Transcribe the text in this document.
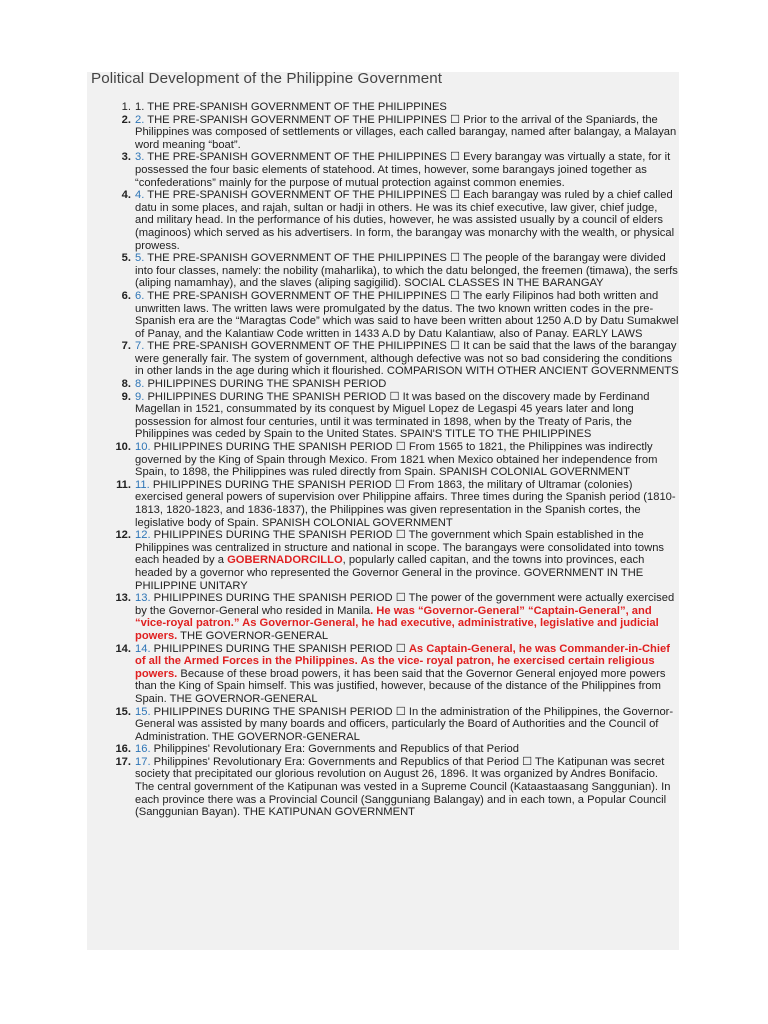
Political Development of the Philippine Government
1. 1. THE PRE-SPANISH GOVERNMENT OF THE PHILIPPINES
2. 2. THE PRE-SPANISH GOVERNMENT OF THE PHILIPPINES ☐ Prior to the arrival of the Spaniards, the Philippines was composed of settlements or villages, each called barangay, named after balangay, a Malayan word meaning “boat”.
3. 3. THE PRE-SPANISH GOVERNMENT OF THE PHILIPPINES ☐ Every barangay was virtually a state, for it possessed the four basic elements of statehood. At times, however, some barangays joined together as “confederations” mainly for the purpose of mutual protection against common enemies.
4. 4. THE PRE-SPANISH GOVERNMENT OF THE PHILIPPINES ☐ Each barangay was ruled by a chief called datu in some places, and rajah, sultan or hadji in others. He was its chief executive, law giver, chief judge, and military head. In the performance of his duties, however, he was assisted usually by a council of elders (maginoos) which served as his advertisers. In form, the barangay was monarchy with the wealth, or physical prowess.
5. 5. THE PRE-SPANISH GOVERNMENT OF THE PHILIPPINES ☐ The people of the barangay were divided into four classes, namely: the nobility (maharlika), to which the datu belonged, the freemen (timawa), the serfs (aliping namamhay), and the slaves (aliping sagigilid). SOCIAL CLASSES IN THE BARANGAY
6. 6. THE PRE-SPANISH GOVERNMENT OF THE PHILIPPINES ☐ The early Filipinos had both written and unwritten laws. The written laws were promulgated by the datus. The two known written codes in the pre- Spanish era are the “Maragtas Code” which was said to have been written about 1250 A.D by Datu Sumakwel of Panay, and the Kalantiaw Code written in 1433 A.D by Datu Kalantiaw, also of Panay. EARLY LAWS
7. 7. THE PRE-SPANISH GOVERNMENT OF THE PHILIPPINES ☐ It can be said that the laws of the barangay were generally fair. The system of government, although defective was not so bad considering the conditions in other lands in the age during which it flourished. COMPARISON WITH OTHER ANCIENT GOVERNMENTS
8. 8. PHILIPPINES DURING THE SPANISH PERIOD
9. 9. PHILIPPINES DURING THE SPANISH PERIOD ☐ It was based on the discovery made by Ferdinand Magellan in 1521, consummated by its conquest by Miguel Lopez de Legaspi 45 years later and long possession for almost four centuries, until it was terminated in 1898, when by the Treaty of Paris, the Philippines was ceded by Spain to the United States. SPAIN'S TITLE TO THE PHILIPPINES
10. 10. PHILIPPINES DURING THE SPANISH PERIOD ☐ From 1565 to 1821, the Philippines was indirectly governed by the King of Spain through Mexico. From 1821 when Mexico obtained her independence from Spain, to 1898, the Philippines was ruled directly from Spain. SPANISH COLONIAL GOVERNMENT
11. 11. PHILIPPINES DURING THE SPANISH PERIOD ☐ From 1863, the military of Ultramar (colonies) exercised general powers of supervision over Philippine affairs. Three times during the Spanish period (1810-1813, 1820-1823, and 1836-1837), the Philippines was given representation in the Spanish cortes, the legislative body of Spain. SPANISH COLONIAL GOVERNMENT
12. 12. PHILIPPINES DURING THE SPANISH PERIOD ☐ The government which Spain established in the Philippines was centralized in structure and national in scope. The barangays were consolidated into towns each headed by a GOBERNADORCILLO, popularly called capitan, and the towns into provinces, each headed by a governor who represented the Governor General in the province. GOVERNMENT IN THE PHILIPPINE UNITARY
13. 13. PHILIPPINES DURING THE SPANISH PERIOD ☐ The power of the government were actually exercised by the Governor-General who resided in Manila. He was “Governor-General” “Captain-General”, and “vice-royal patron.” As Governor-General, he had executive, administrative, legislative and judicial powers. THE GOVERNOR-GENERAL
14. 14. PHILIPPINES DURING THE SPANISH PERIOD ☐ As Captain-General, he was Commander-in-Chief of all the Armed Forces in the Philippines. As the vice- royal patron, he exercised certain religious powers. Because of these broad powers, it has been said that the Governor General enjoyed more powers than the King of Spain himself. This was justified, however, because of the distance of the Philippines from Spain. THE GOVERNOR-GENERAL
15. 15. PHILIPPINES DURING THE SPANISH PERIOD ☐ In the administration of the Philippines, the Governor-General was assisted by many boards and officers, particularly the Board of Authorities and the Council of Administration. THE GOVERNOR-GENERAL
16. 16. Philippines' Revolutionary Era: Governments and Republics of that Period
17. 17. Philippines' Revolutionary Era: Governments and Republics of that Period ☐ The Katipunan was secret society that precipitated our glorious revolution on August 26, 1896. It was organized by Andres Bonifacio. The central government of the Katipunan was vested in a Supreme Council (Kataastaasang Sanggunian). In each province there was a Provincial Council (Sangguniang Balangay) and in each town, a Popular Council (Sanggunian Bayan). THE KATIPUNAN GOVERNMENT
